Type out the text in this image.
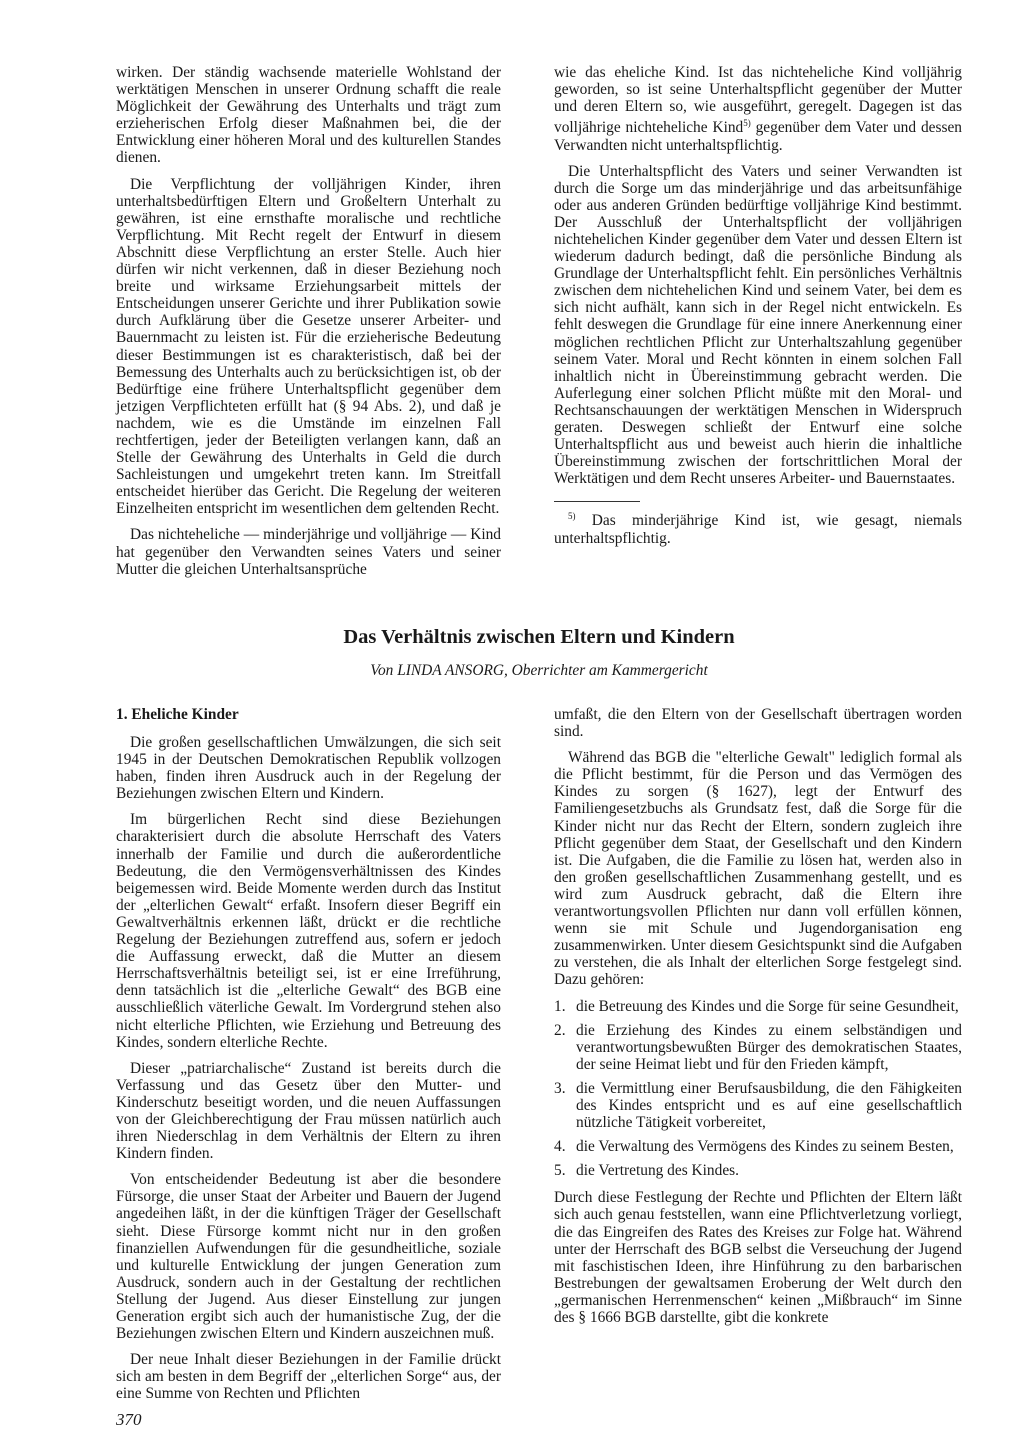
wirken. Der ständig wachsende materielle Wohlstand der werktätigen Menschen in unserer Ordnung schafft die reale Möglichkeit der Gewährung des Unterhalts und trägt zum erzieherischen Erfolg dieser Maßnahmen bei, die der Entwicklung einer höheren Moral und des kulturellen Standes dienen.

Die Verpflichtung der volljährigen Kinder, ihren unterhaltsbedürftigen Eltern und Großeltern Unterhalt zu gewähren, ist eine ernsthafte moralische und rechtliche Verpflichtung. Mit Recht regelt der Entwurf in diesem Abschnitt diese Verpflichtung an erster Stelle. Auch hier dürfen wir nicht verkennen, daß in dieser Beziehung noch breite und wirksame Erziehungsarbeit mittels der Entscheidungen unserer Gerichte und ihrer Publikation sowie durch Aufklärung über die Gesetze unserer Arbeiter- und Bauernmacht zu leisten ist. Für die erzieherische Bedeutung dieser Bestimmungen ist es charakteristisch, daß bei der Bemessung des Unterhalts auch zu berücksichtigen ist, ob der Bedürftige eine frühere Unterhaltspflicht gegenüber dem jetzigen Verpflichteten erfüllt hat (§ 94 Abs. 2), und daß je nachdem, wie es die Umstände im einzelnen Fall rechtfertigen, jeder der Beteiligten verlangen kann, daß an Stelle der Gewährung des Unterhalts in Geld die durch Sachleistungen und umgekehrt treten kann. Im Streitfall entscheidet hierüber das Gericht. Die Regelung der weiteren Einzelheiten entspricht im wesentlichen dem geltenden Recht.

Das nichteheliche — minderjährige und volljährige — Kind hat gegenüber den Verwandten seines Vaters und seiner Mutter die gleichen Unterhaltsansprüche

wie das eheliche Kind. Ist das nichteheliche Kind volljährig geworden, so ist seine Unterhaltspflicht gegenüber der Mutter und deren Eltern so, wie ausgeführt, geregelt. Dagegen ist das volljährige nichteheliche Kind$^{5)}$ gegenüber dem Vater und dessen Verwandten nicht unterhaltspflichtig.

Die Unterhaltspflicht des Vaters und seiner Verwandten ist durch die Sorge um das minderjährige und das arbeitsunfähige oder aus anderen Gründen bedürftige volljährige Kind bestimmt. Der Ausschluß der Unterhaltspflicht der volljährigen nichtehelichen Kinder gegenüber dem Vater und dessen Eltern ist wiederum dadurch bedingt, daß die persönliche Bindung als Grundlage der Unterhaltspflicht fehlt. Ein persönliches Verhältnis zwischen dem nichtehelichen Kind und seinem Vater, bei dem es sich nicht aufhält, kann sich in der Regel nicht entwickeln. Es fehlt deswegen die Grundlage für eine innere Anerkennung einer möglichen rechtlichen Pflicht zur Unterhaltszahlung gegenüber seinem Vater. Moral und Recht könnten in einem solchen Fall inhaltlich nicht in Übereinstimmung gebracht werden. Die Auferlegung einer solchen Pflicht müßte mit den Moral- und Rechtsanschauungen der werktätigen Menschen in Widerspruch geraten. Deswegen schließt der Entwurf eine solche Unterhaltspflicht aus und beweist auch hierin die inhaltliche Übereinstimmung zwischen der fortschrittlichen Moral der Werktätigen und dem Recht unseres Arbeiter- und Bauernstaates.

$^{5)}$ Das minderjährige Kind ist, wie gesagt, niemals unterhaltspflichtig.

Das Verhältnis zwischen Eltern und Kindern

Von LINDA ANSORG, Oberrichter am Kammergericht

1. Eheliche Kinder

Die großen gesellschaftlichen Umwälzungen, die sich seit 1945 in der Deutschen Demokratischen Republik vollzogen haben, finden ihren Ausdruck auch in der Regelung der Beziehungen zwischen Eltern und Kindern.

Im bürgerlichen Recht sind diese Beziehungen charakterisiert durch die absolute Herrschaft des Vaters innerhalb der Familie und durch die außerordentliche Bedeutung, die den Vermögensverhältnissen des Kindes beigemessen wird. Beide Momente werden durch das Institut der „elterlichen Gewalt“ erfaßt. Insofern dieser Begriff ein Gewaltverhältnis erkennen läßt, drückt er die rechtliche Regelung der Beziehungen zutreffend aus, sofern er jedoch die Auffassung erweckt, daß die Mutter an diesem Herrschaftsverhältnis beteiligt sei, ist er eine Irreführung, denn tatsächlich ist die „elterliche Gewalt“ des BGB eine ausschließlich väterliche Gewalt. Im Vordergrund stehen also nicht elterliche Pflichten, wie Erziehung und Betreuung des Kindes, sondern elterliche Rechte.

Dieser „patriarchalische“ Zustand ist bereits durch die Verfassung und das Gesetz über den Mutter- und Kinderschutz beseitigt worden, und die neuen Auffassungen von der Gleichberechtigung der Frau müssen natürlich auch ihren Niederschlag in dem Verhältnis der Eltern zu ihren Kindern finden.

Von entscheidender Bedeutung ist aber die besondere Fürsorge, die unser Staat der Arbeiter und Bauern der Jugend angedeihen läßt, in der die künftigen Träger der Gesellschaft sieht. Diese Fürsorge kommt nicht nur in den großen finanziellen Aufwendungen für die gesundheitliche, soziale und kulturelle Entwicklung der jungen Generation zum Ausdruck, sondern auch in der Gestaltung der rechtlichen Stellung der Jugend. Aus dieser Einstellung zur jungen Generation ergibt sich auch der humanistische Zug, der die Beziehungen zwischen Eltern und Kindern auszeichnen muß.

Der neue Inhalt dieser Beziehungen in der Familie drückt sich am besten in dem Begriff der „elterlichen Sorge“ aus, der eine Summe von Rechten und Pflichten

umfaßt, die den Eltern von der Gesellschaft übertragen worden sind.

Während das BGB die "elterliche Gewalt" lediglich formal als die Pflicht bestimmt, für die Person und das Vermögen des Kindes zu sorgen (§ 1627), legt der Entwurf des Familiengesetzbuchs als Grundsatz fest, daß die Sorge für die Kinder nicht nur das Recht der Eltern, sondern zugleich ihre Pflicht gegenüber dem Staat, der Gesellschaft und den Kindern ist. Die Aufgaben, die die Familie zu lösen hat, werden also in den großen gesellschaftlichen Zusammenhang gestellt, und es wird zum Ausdruck gebracht, daß die Eltern ihre verantwortungsvollen Pflichten nur dann voll erfüllen können, wenn sie mit Schule und Jugendorganisation eng zusammenwirken. Unter diesem Gesichtspunkt sind die Aufgaben zu verstehen, die als Inhalt der elterlichen Sorge festgelegt sind. Dazu gehören:

1. die Betreuung des Kindes und die Sorge für seine Gesundheit,
2. die Erziehung des Kindes zu einem selbständigen und verantwortungsbewußten Bürger des demokratischen Staates, der seine Heimat liebt und für den Frieden kämpft,
3. die Vermittlung einer Berufsausbildung, die den Fähigkeiten des Kindes entspricht und es auf eine gesellschaftlich nützliche Tätigkeit vorbereitet,
4. die Verwaltung des Vermögens des Kindes zu seinem Besten,
5. die Vertretung des Kindes.

Durch diese Festlegung der Rechte und Pflichten der Eltern läßt sich auch genau feststellen, wann eine Pflichtverletzung vorliegt, die das Eingreifen des Rates des Kreises zur Folge hat. Während unter der Herrschaft des BGB selbst die Verseuchung der Jugend mit faschistischen Ideen, ihre Hinführung zu den barbarischen Bestrebungen der gewaltsamen Eroberung der Welt durch den „germanischen Herrenmenschen“ keinen „Mißbrauch“ im Sinne des § 1666 BGB darstellte, gibt die konkrete

370
